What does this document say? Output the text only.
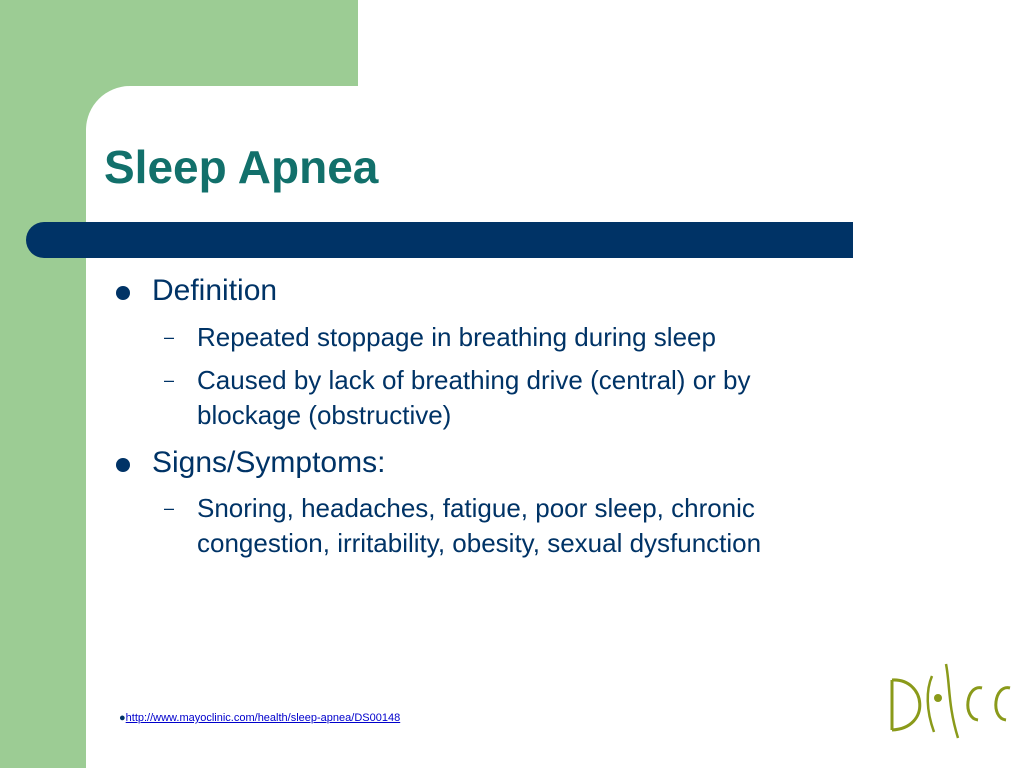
Sleep Apnea
Definition
– Repeated stoppage in breathing during sleep
– Caused by lack of breathing drive (central) or by blockage (obstructive)
Signs/Symptoms:
– Snoring, headaches, fatigue, poor sleep, chronic congestion, irritability, obesity, sexual dysfunction
●http://www.mayoclinic.com/health/sleep-apnea/DS00148
